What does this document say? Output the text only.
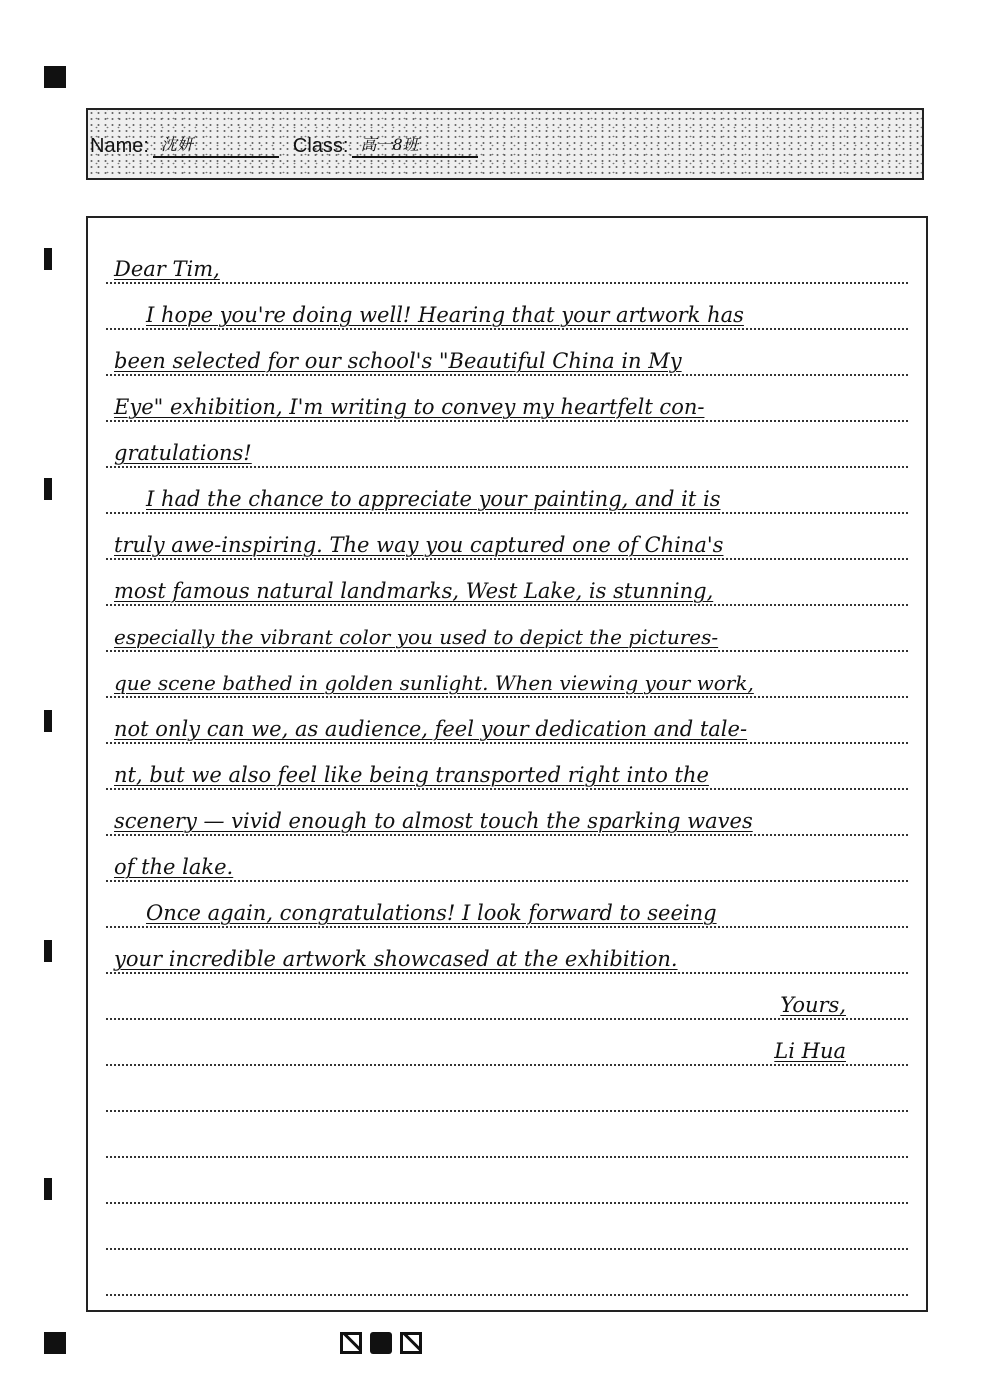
Name: 沈妍	Class: 高一8班
Dear Tim,
I hope you're doing well! Hearing that your artwork has
been selected for our school's "Beautiful China in My
Eye" exhibition, I'm writing to convey my heartfelt con-
gratulations!
I had the chance to appreciate your painting, and it is
truly awe-inspiring. The way you captured one of China's
most famous natural landmarks, West Lake, is stunning,
especially the vibrant color you used to depict the pictures-
que scene bathed in golden sunlight. When viewing your work,
not only can we, as audience, feel your dedication and tale-
nt, but we also feel like being transported right into the
scenery — vivid enough to almost touch the sparking waves
of the lake.
Once again, congratulations! I look forward to seeing
your incredible artwork showcased at the exhibition.
Yours,
Li Hua
